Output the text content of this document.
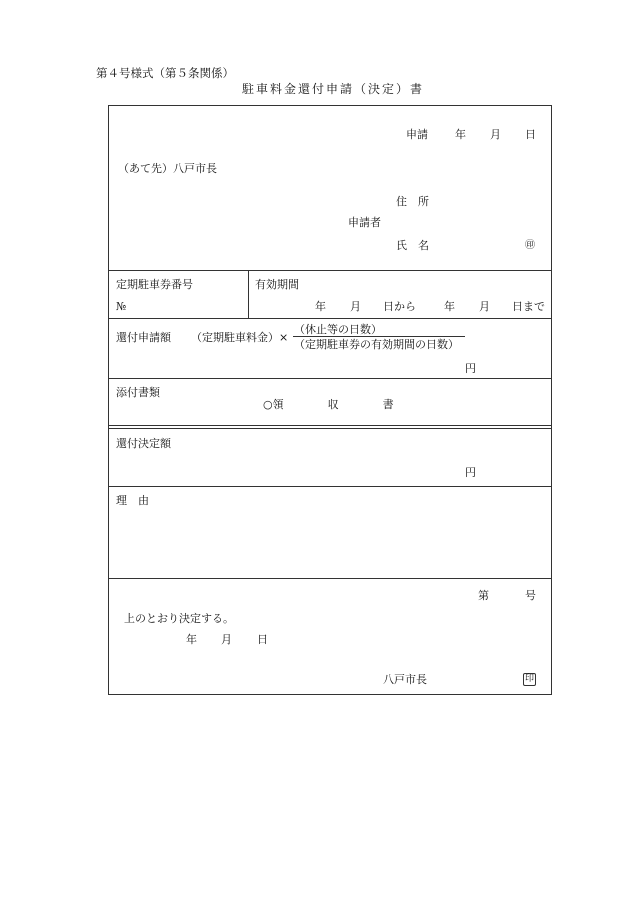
第４号様式（第５条関係）
駐車料金還付申請（決定）書
申請 年 月 日
（あて先）八戸市長
住　所
申請者
氏　名	㊞
定期駐車券番号
№
有効期間
年 月 日から	年 月 日まで
還付申請額 （定期駐車料金）×
（休止等の日数）
（定期駐車券の有効期間の日数）
円
添付書類
○領　　　　収　　　　書
還付決定額
円
理　由
第	号
上のとおり決定する。
年 月 日
八戸市長	印
